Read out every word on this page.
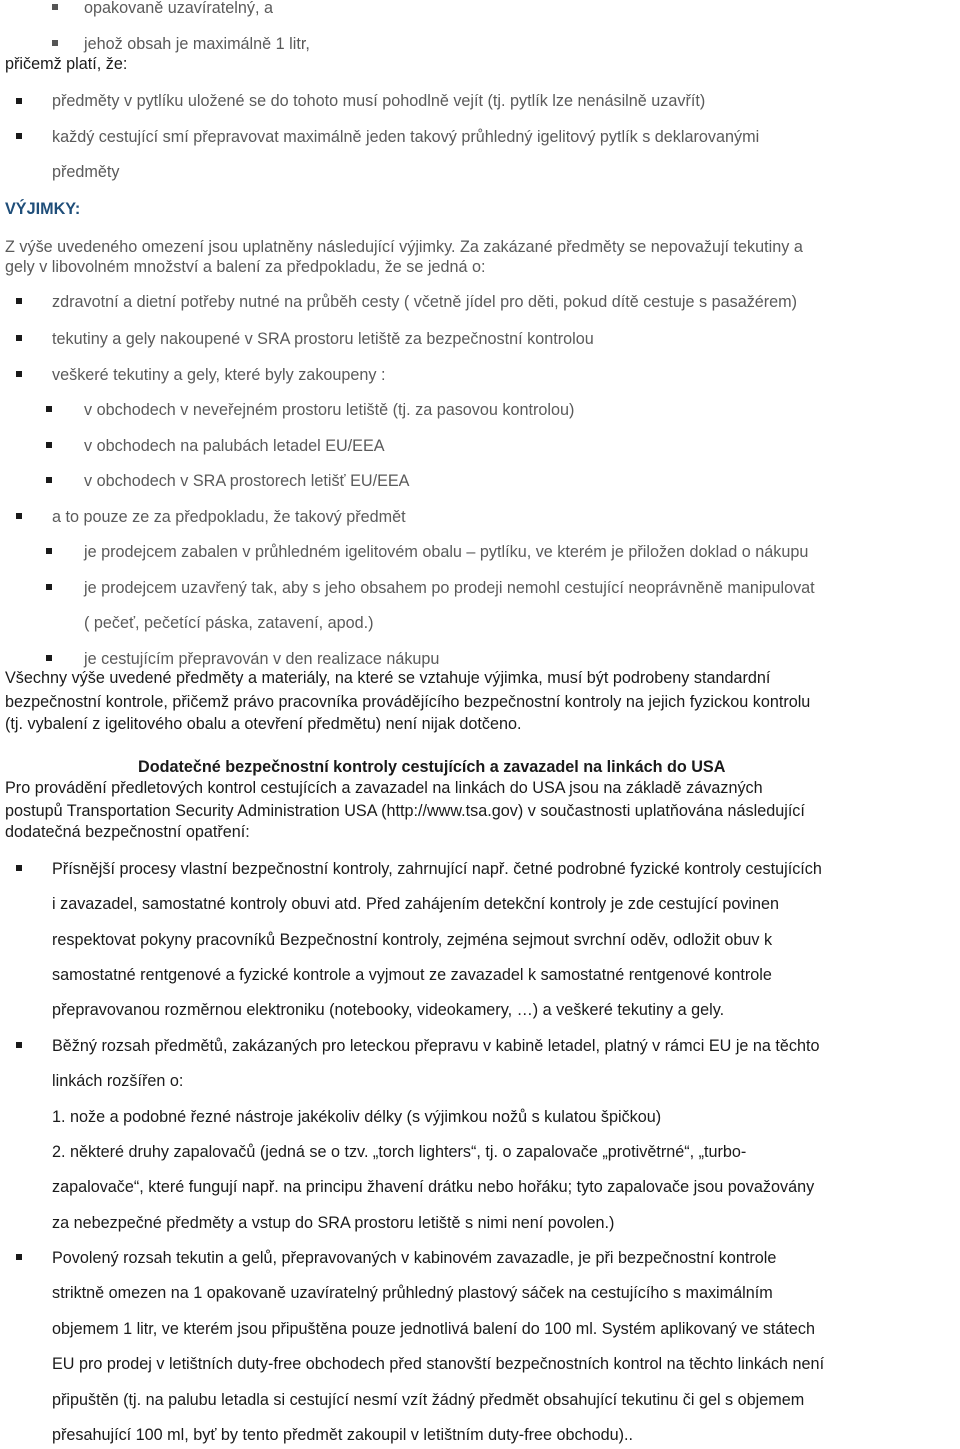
opakovaně uzavíratelný, a
jehož obsah je maximálně 1 litr,
přičemž platí, že:
předměty v pytlíku uložené se do tohoto musí pohodlně vejít (tj. pytlík lze nenásilně uzavřít)
každý cestující smí přepravovat maximálně jeden takový průhledný igelitový pytlík s deklarovanými
předměty
VÝJIMKY:
Z výše uvedeného omezení jsou uplatněny následující výjimky. Za zakázané předměty se nepovažují tekutiny a
gely v libovolném množství a balení za předpokladu, že se jedná o:
zdravotní a dietní potřeby nutné na průběh cesty ( včetně jídel pro děti, pokud dítě cestuje s pasažérem)
tekutiny a gely nakoupené v SRA prostoru letiště za bezpečnostní kontrolou
veškeré tekutiny a gely, které byly zakoupeny :
v obchodech v neveřejném prostoru letiště (tj. za pasovou kontrolou)
v obchodech na palubách letadel EU/EEA
v obchodech v SRA prostorech letišť EU/EEA
a to pouze ze za předpokladu, že takový předmět
je prodejcem zabalen v průhledném igelitovém obalu – pytlíku, ve kterém je přiložen doklad o nákupu
je prodejcem uzavřený tak, aby s jeho obsahem po prodeji nemohl cestující neoprávněně manipulovat
( pečeť, pečetící páska, zatavení, apod.)
je cestujícím přepravován v den realizace nákupu
Všechny výše uvedené předměty a materiály, na které se vztahuje výjimka, musí být podrobeny standardní
bezpečnostní kontrole, přičemž právo pracovníka provádějícího bezpečnostní kontroly na jejich fyzickou kontrolu
(tj. vybalení z igelitového obalu a otevření předmětu) není nijak dotčeno.
Dodatečné bezpečnostní kontroly cestujících a zavazadel na linkách do USA
Pro provádění předletových kontrol cestujících a zavazadel na linkách do USA jsou na základě závazných
postupů Transportation Security Administration USA (http://www.tsa.gov) v součastnosti uplatňována následující
dodatečná bezpečnostní opatření:
Přísnější procesy vlastní bezpečnostní kontroly, zahrnující např. četné podrobné fyzické kontroly cestujících
i zavazadel, samostatné kontroly obuvi atd. Před zahájením detekční kontroly je zde cestující povinen
respektovat pokyny pracovníků Bezpečnostní kontroly, zejména sejmout svrchní oděv, odložit obuv k
samostatné rentgenové a fyzické kontrole a vyjmout ze zavazadel k samostatné rentgenové kontrole
přepravovanou rozměrnou elektroniku (notebooky, videokamery, …) a veškeré tekutiny a gely.
Běžný rozsah předmětů, zakázaných pro leteckou přepravu v kabině letadel, platný v rámci EU je na těchto
linkách rozšířen o:
1. nože a podobné řezné nástroje jakékoliv délky (s výjimkou nožů s kulatou špičkou)
2. některé druhy zapalovačů (jedná se o tzv. „torch lighters“, tj. o zapalovače „protivětrné“, „turbo-
zapalovače“, které fungují např. na principu žhavení drátku nebo hořáku; tyto zapalovače jsou považovány
za nebezpečné předměty a vstup do SRA prostoru letiště s nimi není povolen.)
Povolený rozsah tekutin a gelů, přepravovaných v kabinovém zavazadle, je při bezpečnostní kontrole
striktně omezen na 1 opakovaně uzavíratelný průhledný plastový sáček na cestujícího s maximálním
objemem 1 litr, ve kterém jsou připuštěna pouze jednotlivá balení do 100 ml. Systém aplikovaný ve státech
EU pro prodej v letištních duty-free obchodech před stanovští bezpečnostních kontrol na těchto linkách není
připuštěn (tj. na palubu letadla si cestující nesmí vzít žádný předmět obsahující tekutinu či gel s objemem
přesahující 100 ml, byť by tento předmět zakoupil v letištním duty-free obchodu)..
